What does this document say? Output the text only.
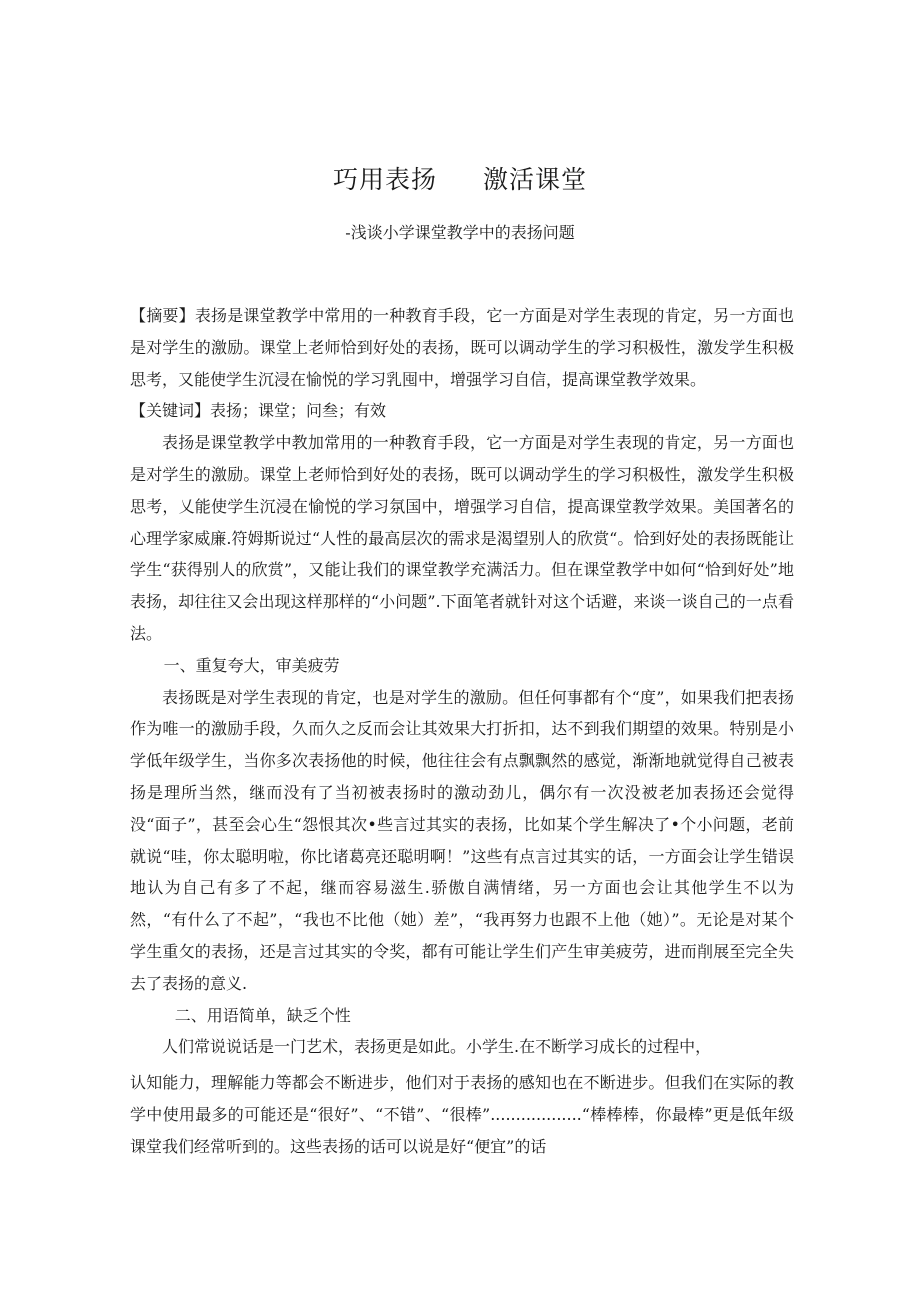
巧用表扬 激活课堂
-浅谈小学课堂教学中的表扬问题

【摘要】表扬是课堂教学中常用的一种教育手段，它一方面是对学生表现的肯定，另一方面也是对学生的激励。课堂上老师恰到好处的表扬，既可以调动学生的学习积极性，激发学生积极思考，又能使学生沉浸在愉悦的学习乳囤中，增强学习自信，提高课堂教学效果。

【关键词】表扬；课堂；问叁；有效

表扬是课堂教学中教加常用的一种教育手段，它一方面是对学生表现的肯定，另一方面也是对学生的激励。课堂上老师恰到好处的表扬，既可以调动学生的学习积极性，激发学生积极思考，乂能使学生沉浸在愉悦的学习氛国中，增强学习自信，提高课堂教学效果。美国著名的心理学家威廉.符姆斯说过“人性的最高层次的需求是渴望别人的欣赏“。恰到好处的表扬既能让学生“获得别人的欣赏”，又能让我们的课堂教学充满活力。但在课堂教学中如何“恰到好处”地表扬，却往往又会出现这样那样的“小问题”.下面笔者就针对这个话避，来谈一谈自己的一点看法。

一、重复夸大，审美疲劳

表扬既是对学生表现的肯定，也是对学生的激励。但任何事都有个“度”，如果我们把表扬作为唯一的激励手段，久而久之反而会让其效果大打折扣，达不到我们期望的效果。特别是小学低年级学生，当你多次表扬他的时候，他往往会有点飘飘然的感觉，渐渐地就觉得自己被表扬是理所当然，继而没有了当初被表扬时的激动劲儿，偶尔有一次没被老加表扬还会觉得没“面子”，甚至会心生“怨恨其次•些言过其实的表扬，比如某个学生解决了•个小问题，老前就说“哇，你太聪明啦，你比诸葛亮还聪明啊！”这些有点言过其实的话，一方面会让学生错误地认为自己有多了不起，继而容易滋生.骄傲自满情绪，另一方面也会让其他学生不以为然，“有什么了不起”，“我也不比他（她）差”，“我再努力也跟不上他（她）”。无论是对某个学生重攵的表扬，还是言过其实的令奖，都有可能让学生们产生审美疲劳，进而削展至完全失去了表扬的意义.

二、用语简单，缺乏个性

人们常说说话是一门艺术，表扬更是如此。小学生.在不断学习成长的过程中，

认知能力，理解能力等都会不断进步，他们对于表扬的感知也在不断进步。但我们在实际的教学中使用最多的可能还是“很好”、“不错”、“很棒”..................“棒棒棒，你最棒”更是低年级课堂我们经常听到的。这些表扬的话可以说是好“便宜”的话
